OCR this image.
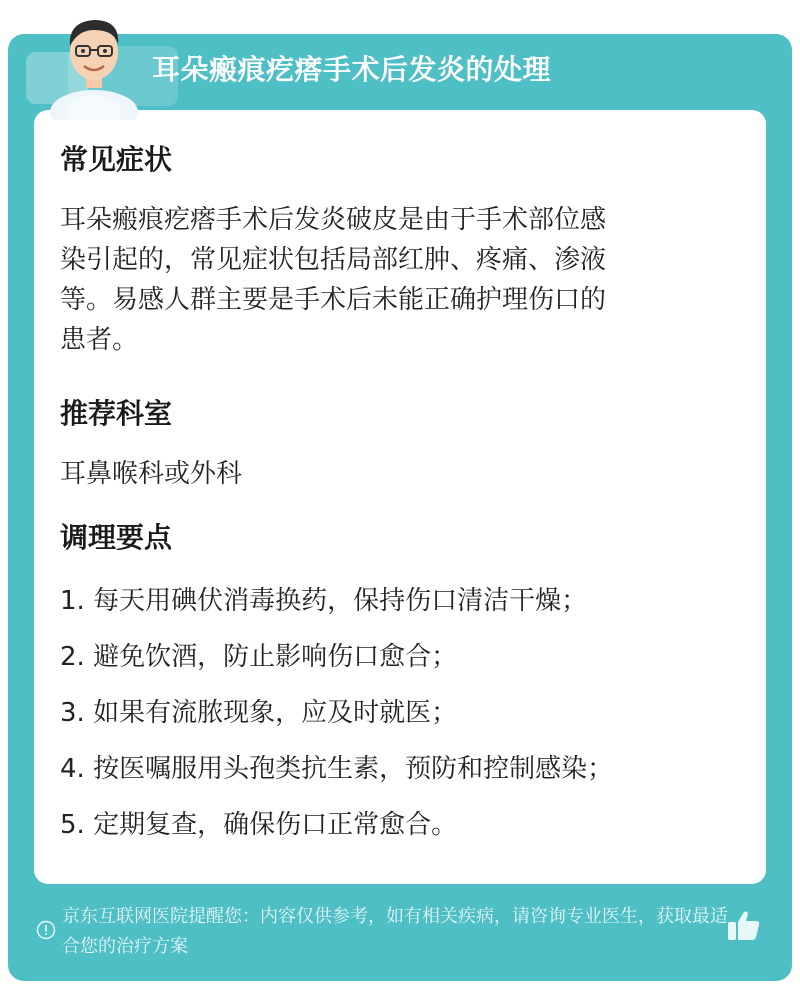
耳朵瘢痕疙瘩手术后发炎的处理
常见症状
耳朵瘢痕疙瘩手术后发炎破皮是由于手术部位感
染引起的，常见症状包括局部红肿、疼痛、渗液
等。易感人群主要是手术后未能正确护理伤口的
患者。
推荐科室
耳鼻喉科或外科
调理要点
1. 每天用碘伏消毒换药，保持伤口清洁干燥；
2. 避免饮酒，防止影响伤口愈合；
3. 如果有流脓现象，应及时就医；
4. 按医嘱服用头孢类抗生素，预防和控制感染；
5. 定期复查，确保伤口正常愈合。
京东互联网医院提醒您：内容仅供参考，如有相关疾病，请咨询专业医生，获取最适合您的治疗方案
